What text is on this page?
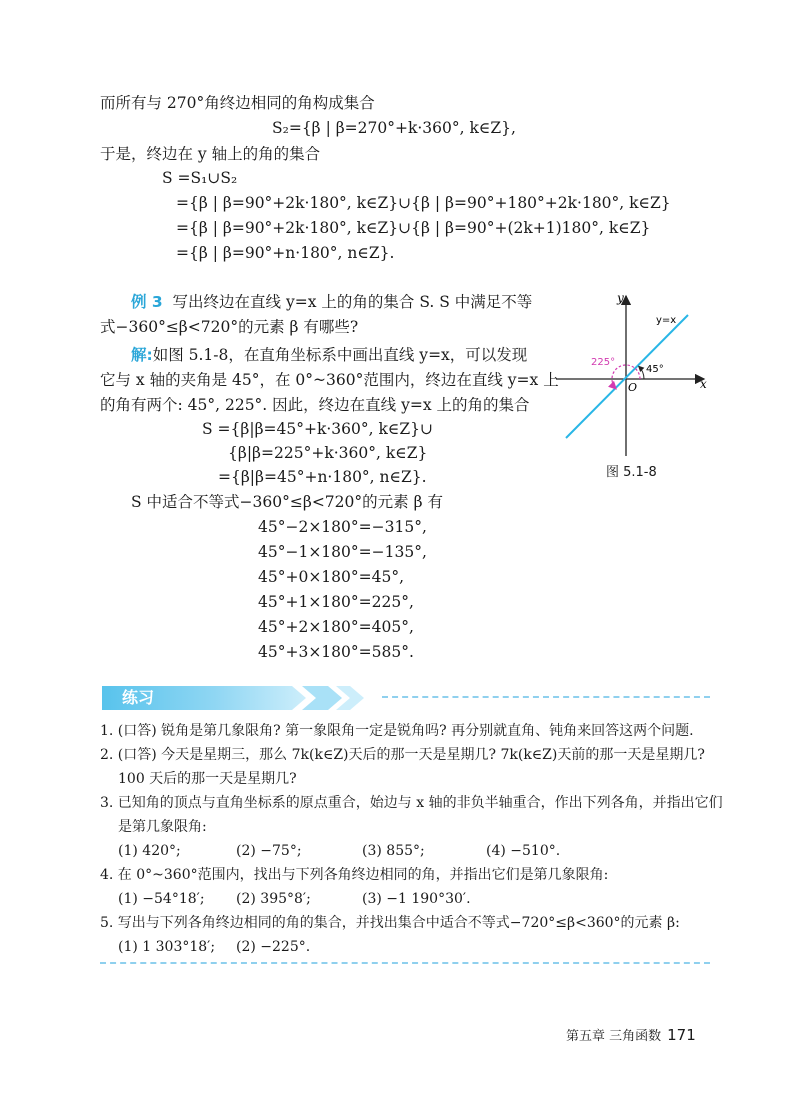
而所有与 270°角终边相同的角构成集合
S₂={β | β=270°+k·360°, k∈Z},
于是，终边在 y 轴上的角的集合
S =S₁∪S₂
={β | β=90°+2k·180°, k∈Z}∪{β | β=90°+180°+2k·180°, k∈Z}
={β | β=90°+2k·180°, k∈Z}∪{β | β=90°+(2k+1)180°, k∈Z}
={β | β=90°+n·180°, n∈Z}.
例 3 写出终边在直线 y=x 上的角的集合 S. S 中满足不等
式−360°≤β<720°的元素 β 有哪些?
解:如图 5.1-8，在直角坐标系中画出直线 y=x，可以发现
它与 x 轴的夹角是 45°，在 0°~360°范围内，终边在直线 y=x 上
的角有两个: 45°, 225°. 因此，终边在直线 y=x 上的角的集合
S ={β|β=45°+k·360°, k∈Z}∪
{β|β=225°+k·360°, k∈Z}
={β|β=45°+n·180°, n∈Z}.
S 中适合不等式−360°≤β<720°的元素 β 有
45°−2×180°=−315°,
45°−1×180°=−135°,
45°+0×180°=45°,
45°+1×180°=225°,
45°+2×180°=405°,
45°+3×180°=585°.
y
x
O
y=x
45°
225°
图 5.1-8
练习
1. (口答) 锐角是第几象限角? 第一象限角一定是锐角吗? 再分别就直角、钝角来回答这两个问题.
2. (口答) 今天是星期三，那么 7k(k∈Z)天后的那一天是星期几? 7k(k∈Z)天前的那一天是星期几?
100 天后的那一天是星期几?
3. 已知角的顶点与直角坐标系的原点重合，始边与 x 轴的非负半轴重合，作出下列各角，并指出它们
是第几象限角:
(1) 420°;	(2) −75°;	(3) 855°;	(4) −510°.
4. 在 0°~360°范围内，找出与下列各角终边相同的角，并指出它们是第几象限角:
(1) −54°18′; (2) 395°8′;	(3) −1 190°30′.
5. 写出与下列各角终边相同的角的集合，并找出集合中适合不等式−720°≤β<360°的元素 β:
(1) 1 303°18′; (2) −225°.
第五章 三角函数 171
